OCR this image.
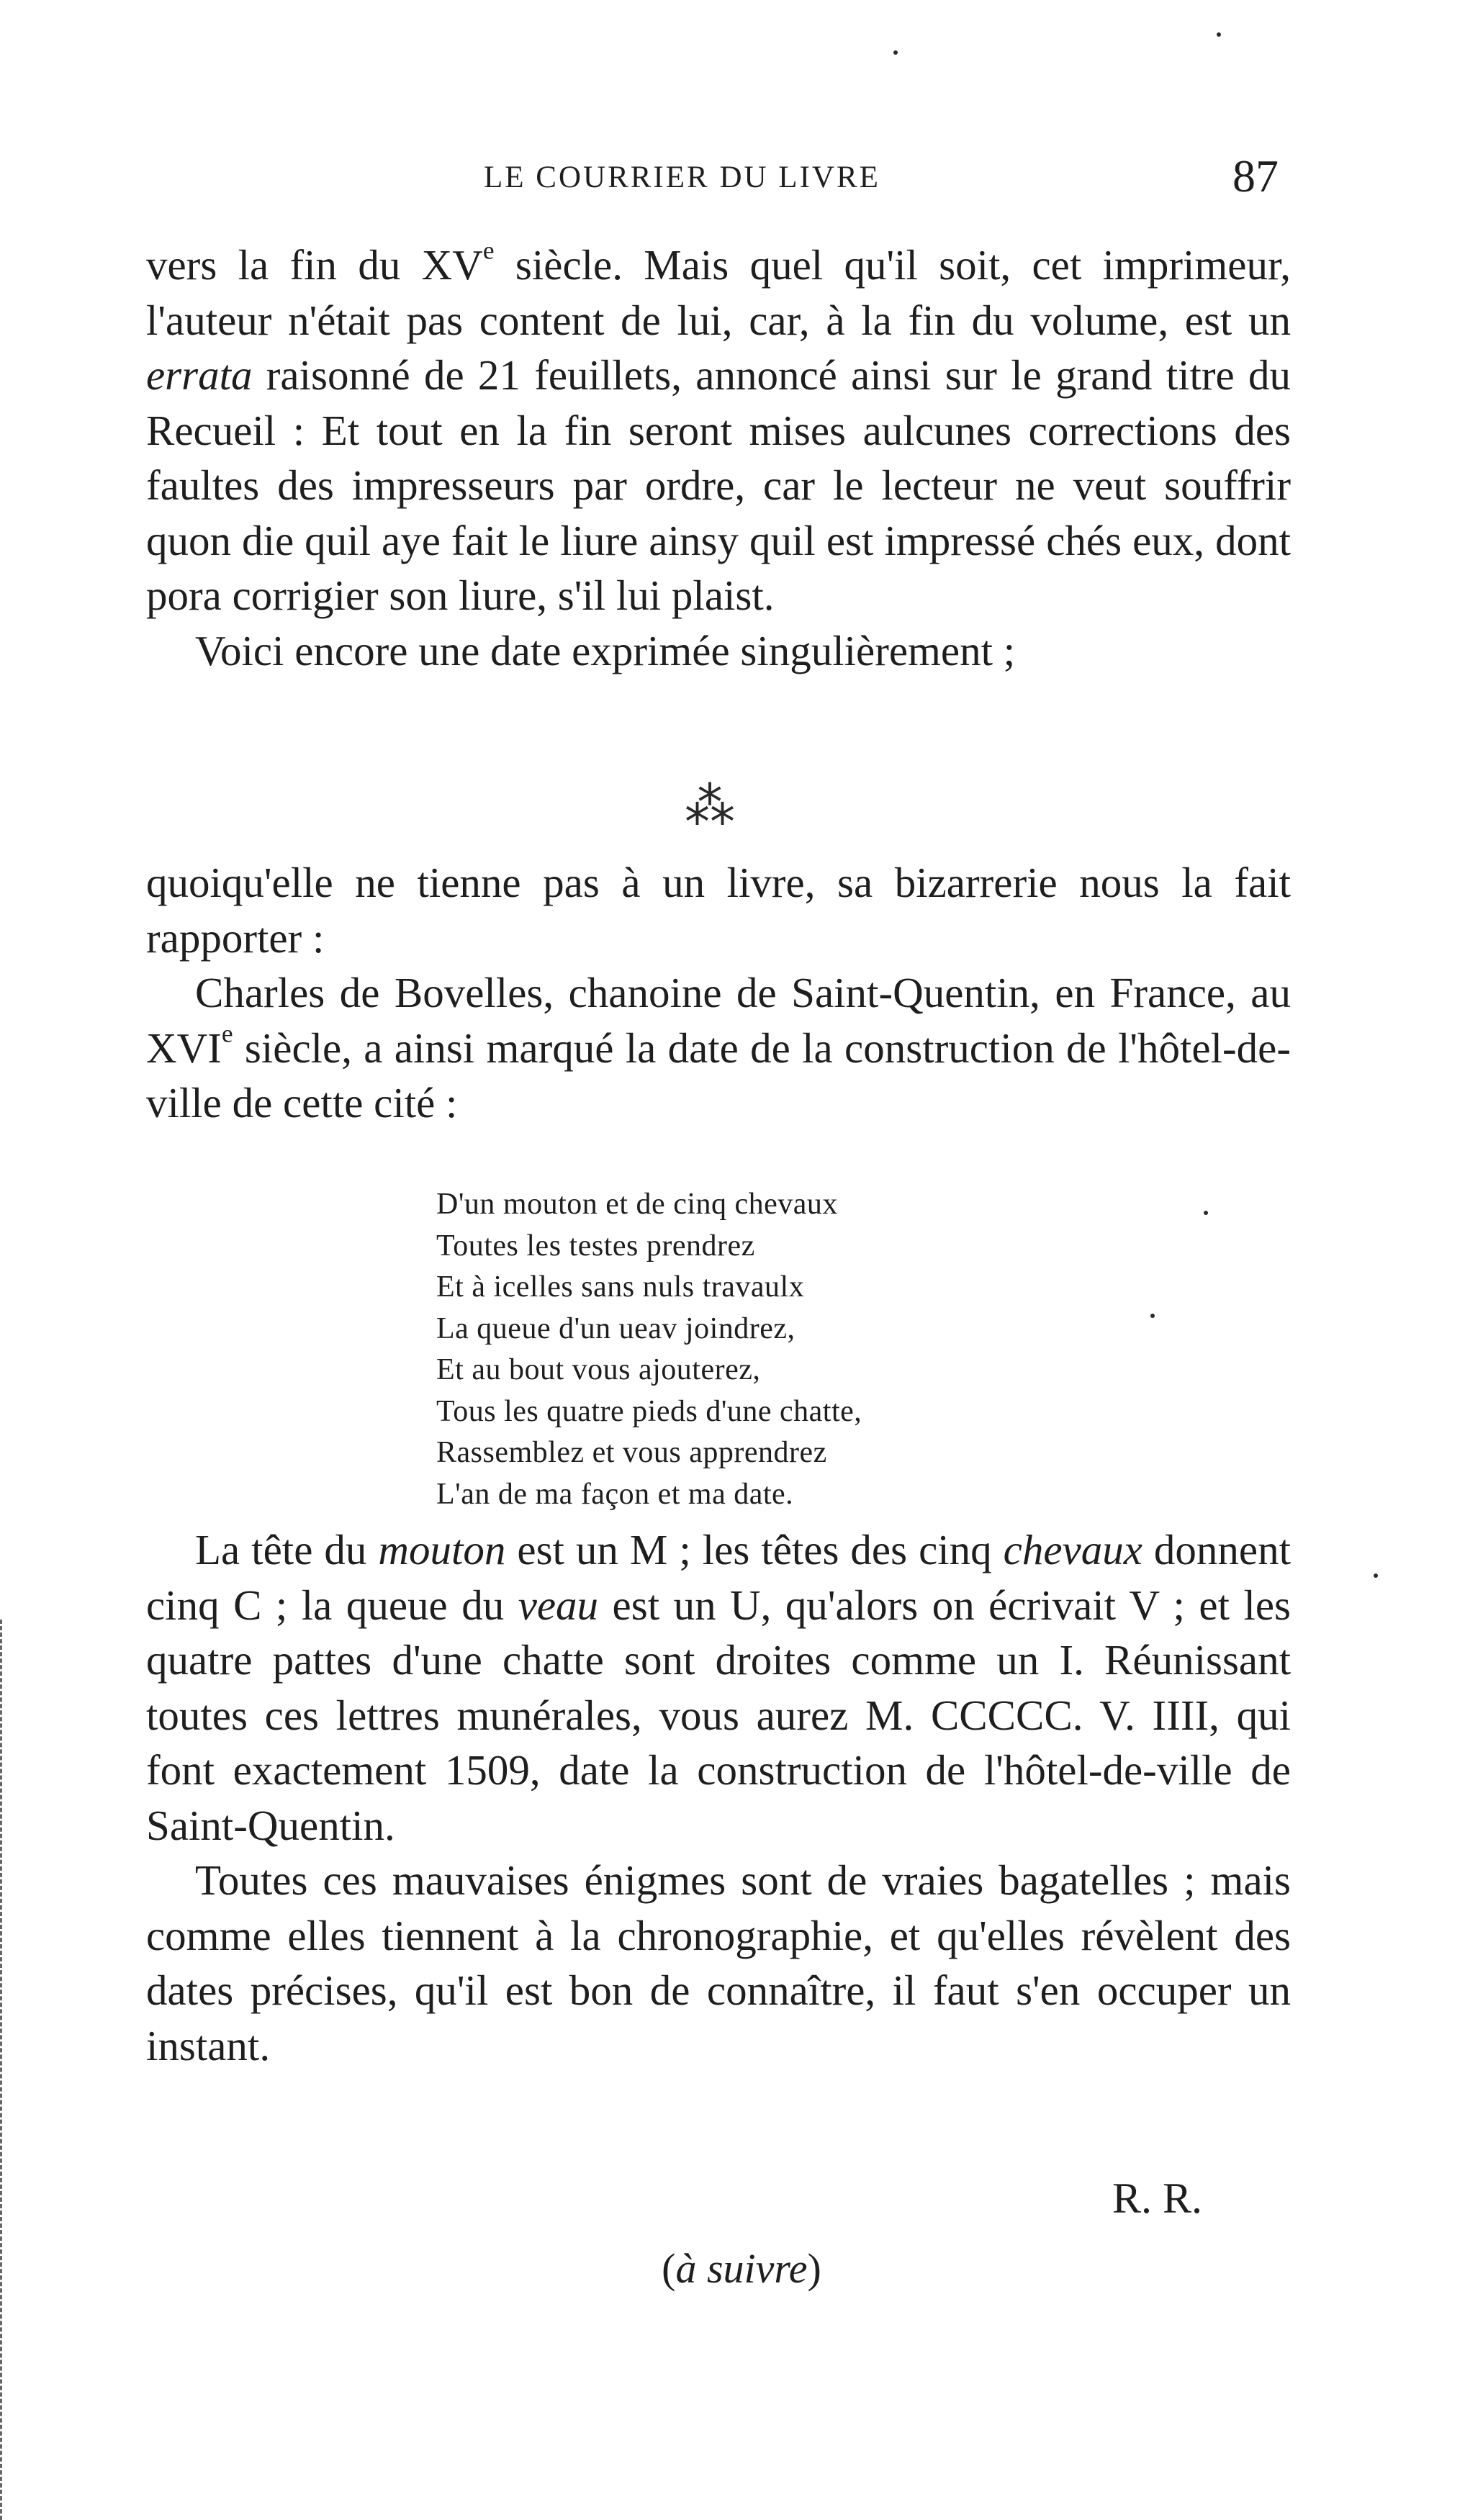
LE COURRIER DU LIVRE	87

vers la fin du XVe siècle. Mais quel qu'il soit, cet imprimeur, l'auteur n'était pas content de lui, car, à la fin du volume, est un errata raisonné de 21 feuillets, annoncé ainsi sur le grand titre du Recueil : Et tout en la fin seront mises aulcunes corrections des faultes des impresseurs par ordre, car le lecteur ne veut souffrir quon die quil aye fait le liure ainsy quil est impressé chés eux, dont pora corrigier son liure, s'il lui plaist.

Voici encore une date exprimée singulièrement ;

⁂

quoiqu'elle ne tienne pas à un livre, sa bizarrerie nous la fait rapporter :

Charles de Bovelles, chanoine de Saint-Quentin, en France, au XVIe siècle, a ainsi marqué la date de la construction de l'hôtel-de-ville de cette cité :

D'un mouton et de cinq chevaux
Toutes les testes prendrez
Et à icelles sans nuls travaulx
La queue d'un ueav joindrez,
Et au bout vous ajouterez,
Tous les quatre pieds d'une chatte,
Rassemblez et vous apprendrez
L'an de ma façon et ma date.

La tête du mouton est un M ; les têtes des cinq chevaux donnent cinq C ; la queue du veau est un U, qu'alors on écrivait V ; et les quatre pattes d'une chatte sont droites comme un I. Réunissant toutes ces lettres munérales, vous aurez M. CCCCC. V. IIII, qui font exactement 1509, date la construction de l'hôtel-de-ville de Saint-Quentin.

Toutes ces mauvaises énigmes sont de vraies bagatelles ; mais comme elles tiennent à la chronographie, et qu'elles révèlent des dates précises, qu'il est bon de connaître, il faut s'en occuper un instant.

R. R.
(à suivre)
